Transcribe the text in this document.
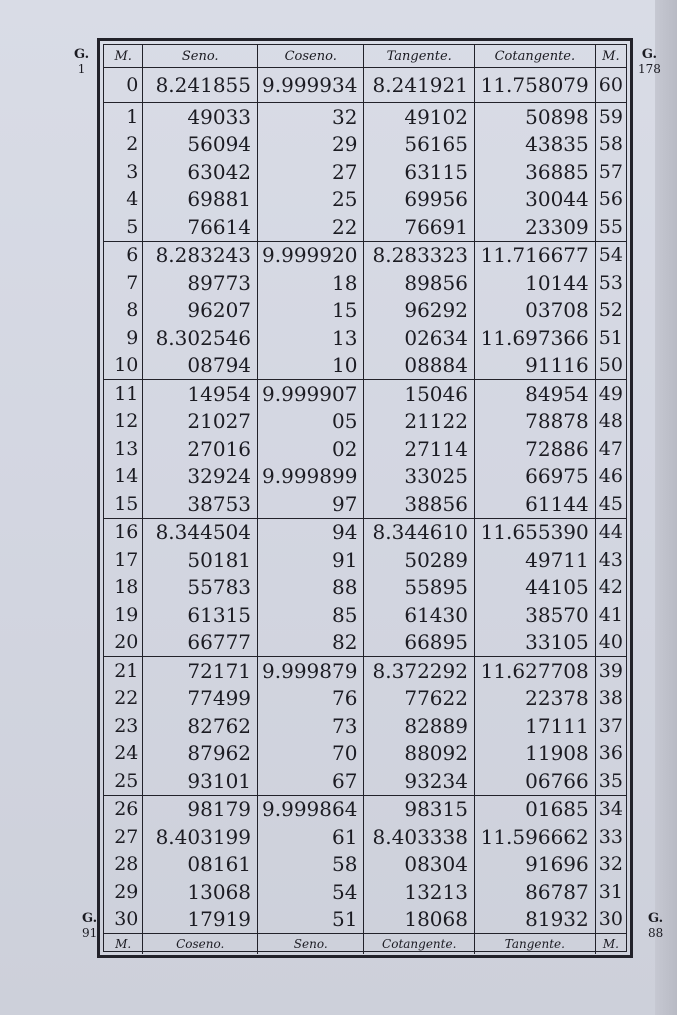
G.
1
G.
178
G.
91
G.
88
M.	Seno.	Coseno.	Tangente.	Cotangente.	M.
0	8.241855	9.999934	8.241921	11.758079	60
1	49033	32	49102	50898	59
2	56094	29	56165	43835	58
3	63042	27	63115	36885	57
4	69881	25	69956	30044	56
5	76614	22	76691	23309	55
6	8.283243	9.999920	8.283323	11.716677	54
7	89773	18	89856	10144	53
8	96207	15	96292	03708	52
9	8.302546	13	02634	11.697366	51
10	08794	10	08884	91116	50
11	14954	9.999907	15046	84954	49
12	21027	05	21122	78878	48
13	27016	02	27114	72886	47
14	32924	9.999899	33025	66975	46
15	38753	97	38856	61144	45
16	8.344504	94	8.344610	11.655390	44
17	50181	91	50289	49711	43
18	55783	88	55895	44105	42
19	61315	85	61430	38570	41
20	66777	82	66895	33105	40
21	72171	9.999879	8.372292	11.627708	39
22	77499	76	77622	22378	38
23	82762	73	82889	17111	37
24	87962	70	88092	11908	36
25	93101	67	93234	06766	35
26	98179	9.999864	98315	01685	34
27	8.403199	61	8.403338	11.596662	33
28	08161	58	08304	91696	32
29	13068	54	13213	86787	31
30	17919	51	18068	81932	30
M.	Coseno.	Seno.	Cotangente.	Tangente.	M.
